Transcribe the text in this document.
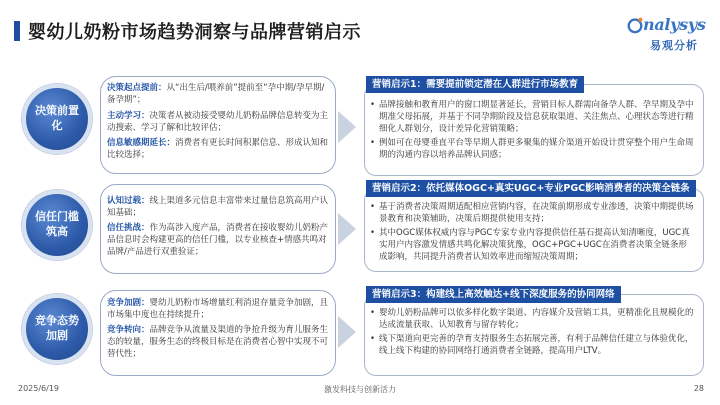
婴幼儿奶粉市场趋势洞察与品牌营销启示	nalysys
易观分析
决策前置化
决策起点提前：从“出生后/喂养前”提前至“孕中期/孕早期/备孕期”；
主动学习：决策者从被动接受婴幼儿奶粉品牌信息转变为主动搜索、学习了解和比较评估；
信息敏感期延长：消费者有更长时间积累信息、形成认知和比较选择；
• 品牌接触和教育用户的窗口期显著延长，营销目标人群需向备孕人群、孕早期及孕中期准父母拓展，并基于不同孕期阶段及信息获取渠道、关注焦点、心理状态等进行精细化人群划分，设计差异化营销策略；
• 例如可在母婴垂直平台等早期人群更多聚集的媒介渠道开始设计贯穿整个用户生命周期的沟通内容以培养品牌认同感；
营销启示1：需要提前锁定潜在人群进行市场教育
信任门槛筑高
认知过载：线上渠道多元信息丰富带来过量信息筑高用户认知基础；
信任挑战：作为高涉入度产品，消费者在接收婴幼儿奶粉产品信息时会构建更高的信任门槛，以专业核查+情感共鸣对品牌/产品进行双重验证；
• 基于消费者决策周期适配相应营销内容，在决策前期形成专业渗透，决策中期提供场景教育和决策辅助，决策后期提供使用支持；
• 其中OGC媒体权威内容与PGC专家专业内容提供信任基石提高认知清晰度，UGC真实用户内容激发情感共鸣化解决策犹豫，OGC+PGC+UGC在消费者决策全链条形成影响，共同提升消费者认知效率进而缩短决策周期；
营销启示2：依托媒体OGC+真实UGC+专业PGC影响消费者的决策全链条
竞争态势加剧
竞争加剧：婴幼儿奶粉市场增量红利消退存量竞争加剧，且市场集中度也在持续提升；
竞争转向：品牌竞争从流量及渠道的争抢升级为育儿服务生态的较量，服务生态的终极目标是在消费者心智中实现不可替代性；
• 婴幼儿奶粉品牌可以依多样化数字渠道、内容媒介及营销工具，更精准化且规模化的达成流量获取、认知教育与留存转化；
• 线下渠道向更完善的孕育支持服务生态拓展完善，有利于品牌信任建立与体验优化，线上线下构建的协同网络打通消费者全链路，提高用户LTV。
营销启示3：构建线上高效触达+线下深度服务的协同网络
2025/6/19	激发科技与创新活力	28
